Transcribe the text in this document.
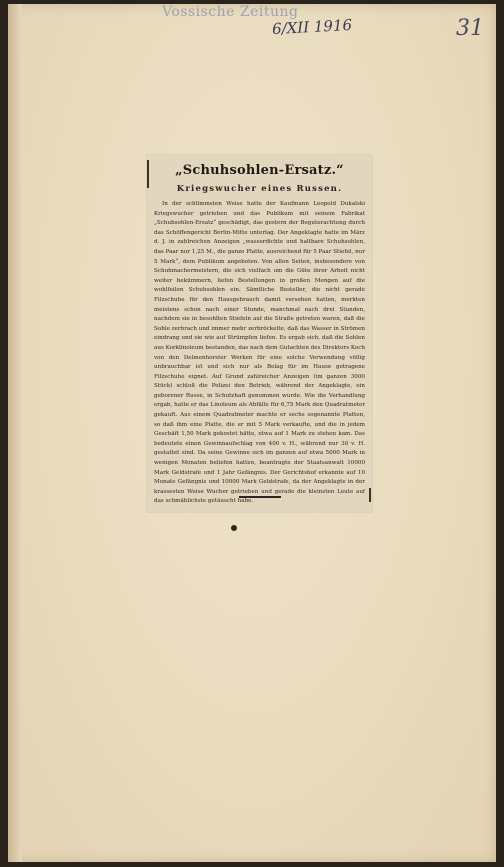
Vossische Zeitung
6/XII 1916	31
„Schuhsohlen-Ersatz.“
Kriegswucher eines Russen.

In der schlimmsten Weise hatte der Kaufmann Leopold Dukalski Kriegswucher getrieben und das Publikum mit seinem Fabrikat „Schuhsohlen-Ersatz“ geschädigt, das gestern der Beguterachtung durch das Schöffengericht Berlin-Mitte unterlag. Der Angeklagte hatte im März d. J. in zahlreichen Anzeigen „wasserdichte und haltbare Schuhsohlen, das Paar nur 1,25 M., die ganze Platte, ausreichend für 5 Paar Stiefel, nur 5 Mark“, dem Publikum angeboten. Von allen Seiten, insbesondere von Schuhmachermeistern, die sich vielfach um die Güte ihrer Arbeit nicht weiter bekümmern, liefen Bestellungen in großen Mengen auf die wohlfeilen Schuhsohlen ein. Sämtliche Besteller, die nicht gerade Filzschuhe für den Hausgebrauch damit versehen hatten, merkten meistens schon nach einer Stunde, manchmal nach drei Stunden, nachdem sie in besohlten Stiefeln auf die Straße getreten waren, daß die Sohle zerbrach und immer mehr zerbröckelte, daß das Wasser in Strömen eindrang und sie wie auf Strümpfen liefen. Es ergab sich, daß die Sohlen aus Korklinoleum bestanden, das nach dem Gutachten des Direktors Koch von den Delmenhorster Werken für eine solche Verwendung völlig unbrauchbar ist und sich nur als Belag für im Hause getragene Filzschuhe eignet. Auf Grund zahlreicher Anzeigen (im ganzen 3000 Stück) schloß die Polizei den Betrieb, während der Angeklagte, ein geborener Russe, in Schutzhaft genommen wurde. Wie die Verhandlung ergab, hatte er das Linoleum als Abfälle für 6,75 Mark den Quadratmeter gekauft. Aus einem Quadratmeter machte er sechs sogenannte Platten, so daß ihm eine Platte, die er mit 5 Mark verkaufte, und die in jedem Geschäft 1,50 Mark gekostet hätte, etwa auf 1 Mark zu stehen kam. Das bedeutete einen Gewinnaufschlag von 400 v. H., während nur 30 v. H. gestattet sind. Da seine Gewinne sich im ganzen auf etwa 5000 Mark in wenigen Monaten beliefen hatten, beantragte der Staatsanwalt 10000 Mark Geldstrafe und 1 Jahr Gefängnis. Der Gerichtshof erkannte auf 10 Monate Gefängnis und 10000 Mark Geldstrafe, da der Angeklagte in der krassesten Weise Wucher getrieben und gerade die kleinsten Leute auf das schmählichste getäuscht habe.
